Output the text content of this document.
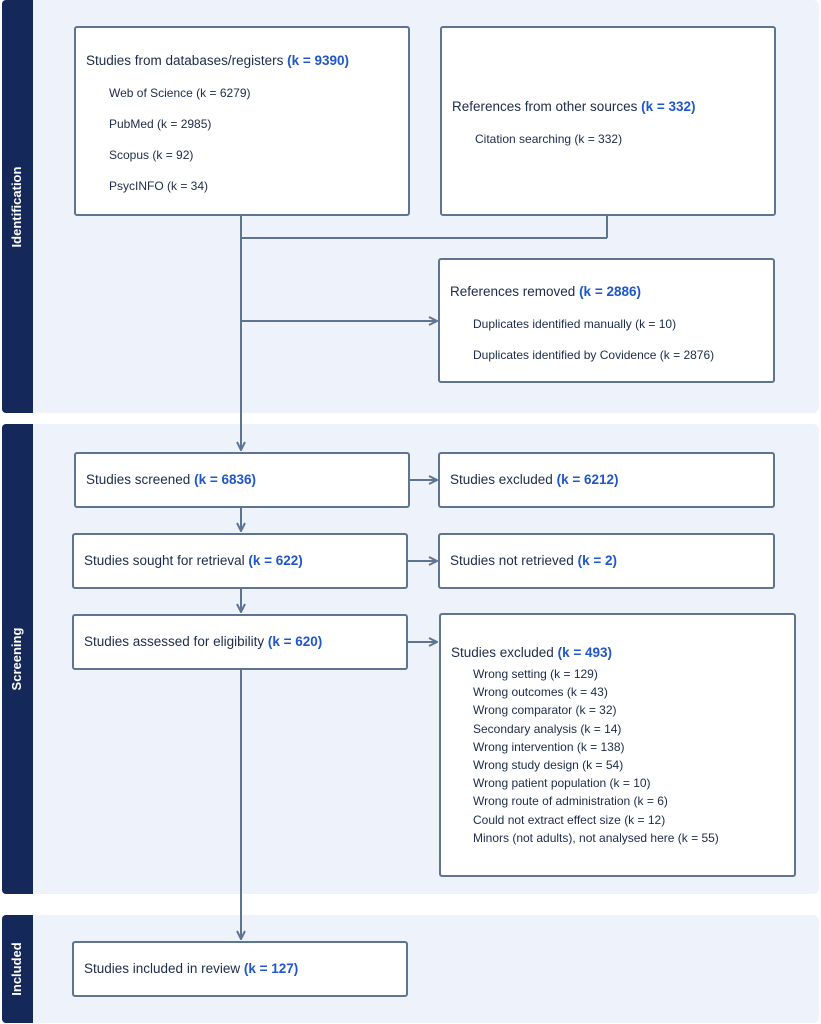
Identification
Screening
Included
Studies from databases/registers (k = 9390)
Web of Science (k = 6279)
PubMed (k = 2985)
Scopus (k = 92)
PsycINFO (k = 34)
References from other sources (k = 332)
Citation searching (k = 332)
References removed (k = 2886)
Duplicates identified manually (k = 10)
Duplicates identified by Covidence (k = 2876)
Studies screened (k = 6836)	Studies excluded (k = 6212)
Studies sought for retrieval (k = 622)	Studies not retrieved (k = 2)
Studies assessed for eligibility (k = 620)
Studies excluded (k = 493)
Wrong setting (k = 129)
Wrong outcomes (k = 43)
Wrong comparator (k = 32)
Secondary analysis (k = 14)
Wrong intervention (k = 138)
Wrong study design (k = 54)
Wrong patient population (k = 10)
Wrong route of administration (k = 6)
Could not extract effect size (k = 12)
Minors (not adults), not analysed here (k = 55)
Studies included in review (k = 127)
